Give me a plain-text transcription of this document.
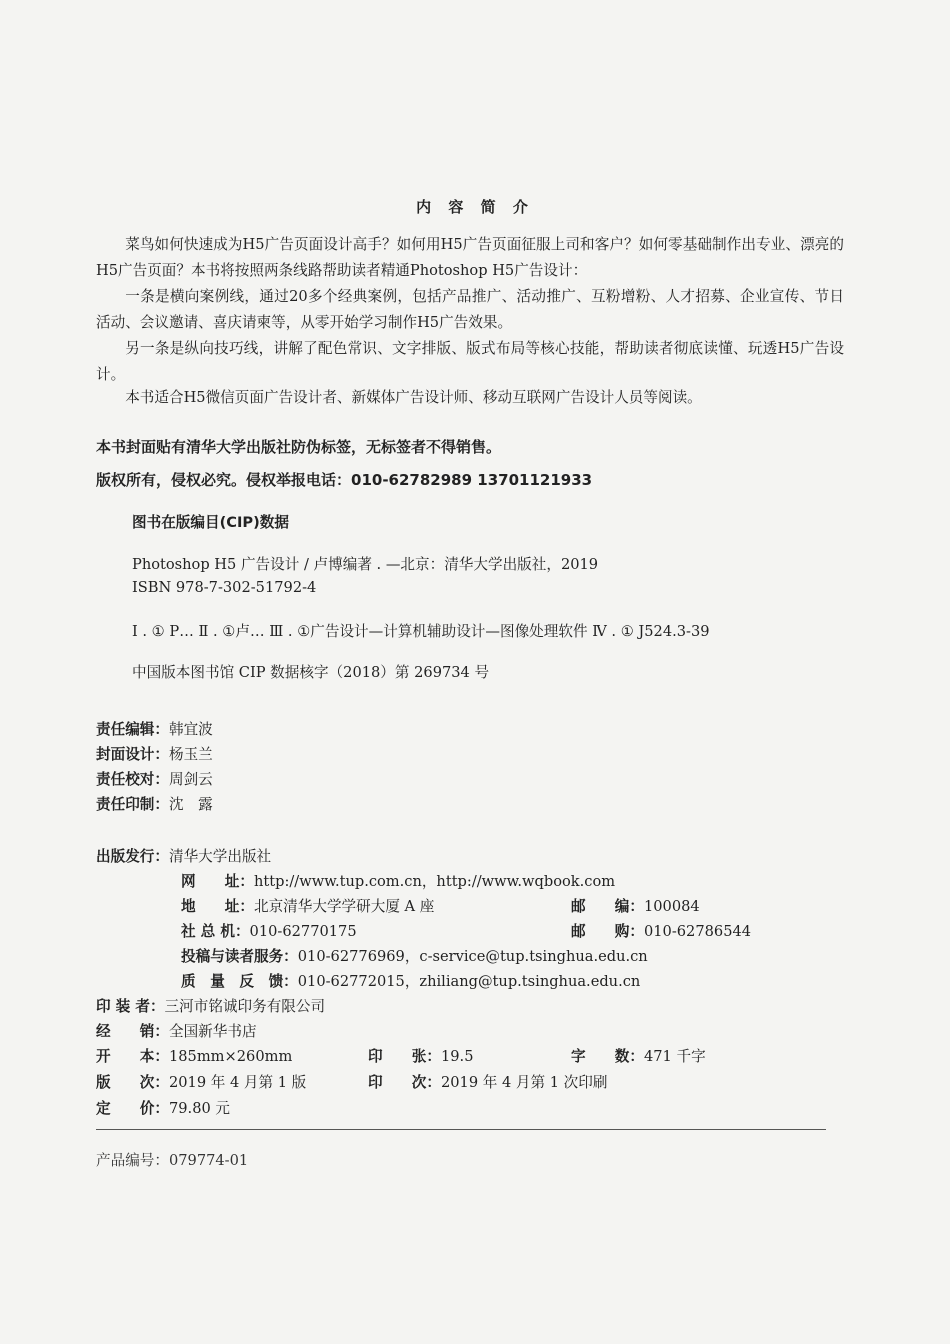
内 容 简 介
菜鸟如何快速成为H5广告页面设计高手？如何用H5广告页面征服上司和客户？如何零基础制作出专业、漂亮的H5广告页面？本书将按照两条线路帮助读者精通Photoshop H5广告设计：
一条是横向案例线，通过20多个经典案例，包括产品推广、活动推广、互粉增粉、人才招募、企业宣传、节日活动、会议邀请、喜庆请柬等，从零开始学习制作H5广告效果。
另一条是纵向技巧线，讲解了配色常识、文字排版、版式布局等核心技能，帮助读者彻底读懂、玩透H5广告设计。
本书适合H5微信页面广告设计者、新媒体广告设计师、移动互联网广告设计人员等阅读。
本书封面贴有清华大学出版社防伪标签，无标签者不得销售。
版权所有，侵权必究。侵权举报电话：010-62782989 13701121933
图书在版编目(CIP)数据
Photoshop H5 广告设计 / 卢博编著 . —北京：清华大学出版社，2019
ISBN 978-7-302-51792-4
Ⅰ . ① P… Ⅱ . ①卢… Ⅲ . ①广告设计—计算机辅助设计—图像处理软件 Ⅳ . ① J524.3-39
中国版本图书馆 CIP 数据核字（2018）第 269734 号
责任编辑：韩宜波
封面设计：杨玉兰
责任校对：周剑云
责任印制：沈　露
出版发行：清华大学出版社
网　　址：http://www.tup.com.cn，http://www.wqbook.com
地　　址：北京清华大学学研大厦 A 座	邮　　编：100084
社 总 机：010-62770175	邮　　购：010-62786544
投稿与读者服务：010-62776969，c-service@tup.tsinghua.edu.cn
质　量　反　馈：010-62772015，zhiliang@tup.tsinghua.edu.cn
印 装 者：三河市铭诚印务有限公司
经　　销：全国新华书店
开　　本：185mm×260mm	印　　张：19.5	字　　数：471 千字
版　　次：2019 年 4 月第 1 版	印　　次：2019 年 4 月第 1 次印刷
定　　价：79.80 元
产品编号：079774-01
